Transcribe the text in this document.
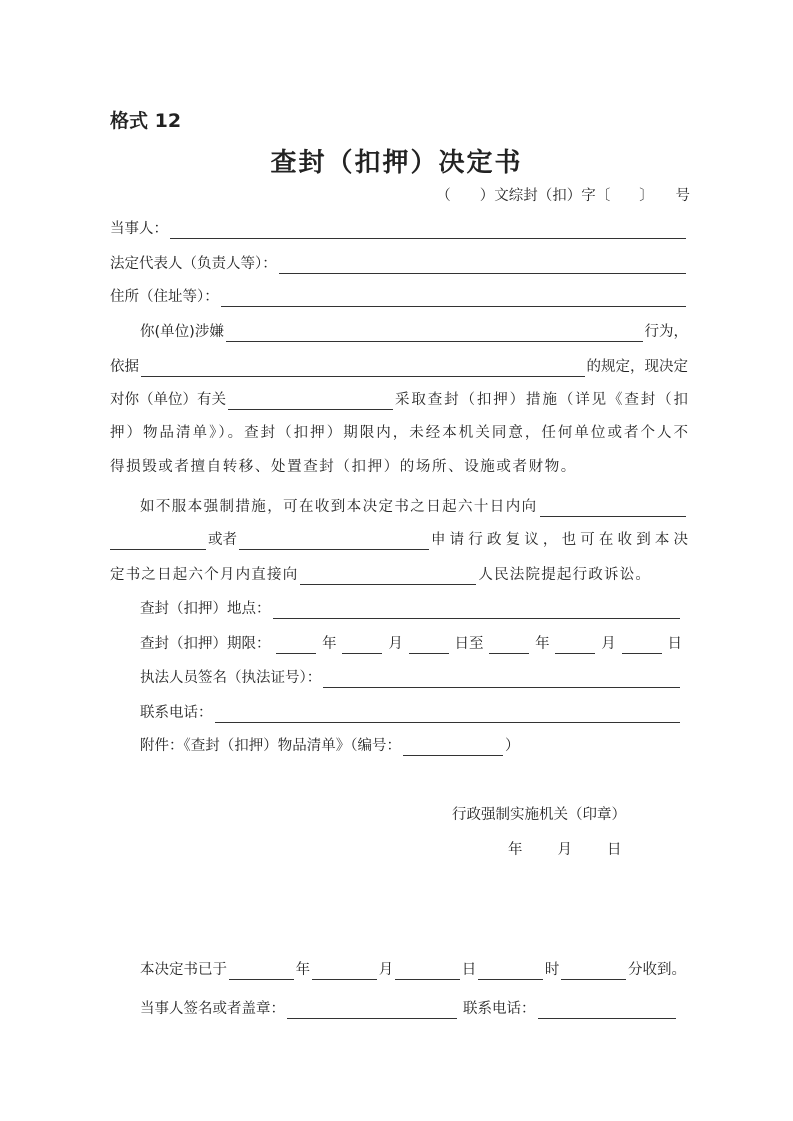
格式 12
查封（扣押）决定书
（　　）文综封（扣）字〔　　〕　　号
当事人：
法定代表人（负责人等）：
住所（住址等）：
你(单位)涉嫌	行为，
依据	的规定，现决定
对你（单位）有关	采取查封（扣押）措施（详见《查封（扣
押）物品清单》）。查封（扣押）期限内，未经本机关同意，任何单位或者个人不
得损毁或者擅自转移、处置查封（扣押）的场所、设施或者财物。
如不服本强制措施，可在收到本决定书之日起六十日内向
或者	申请行政复议，也可在收到本决
定书之日起六个月内直接向	人民法院提起行政诉讼。
查封（扣押）地点：
查封（扣押）期限：	年	月	日至	年	月	日
执法人员签名（执法证号）：
联系电话：
附件：《查封（扣押）物品清单》（编号：	）
行政强制实施机关（印章）
年　　月　　日
本决定书已于	年	月	日	时	分收到。
当事人签名或者盖章：	联系电话：
